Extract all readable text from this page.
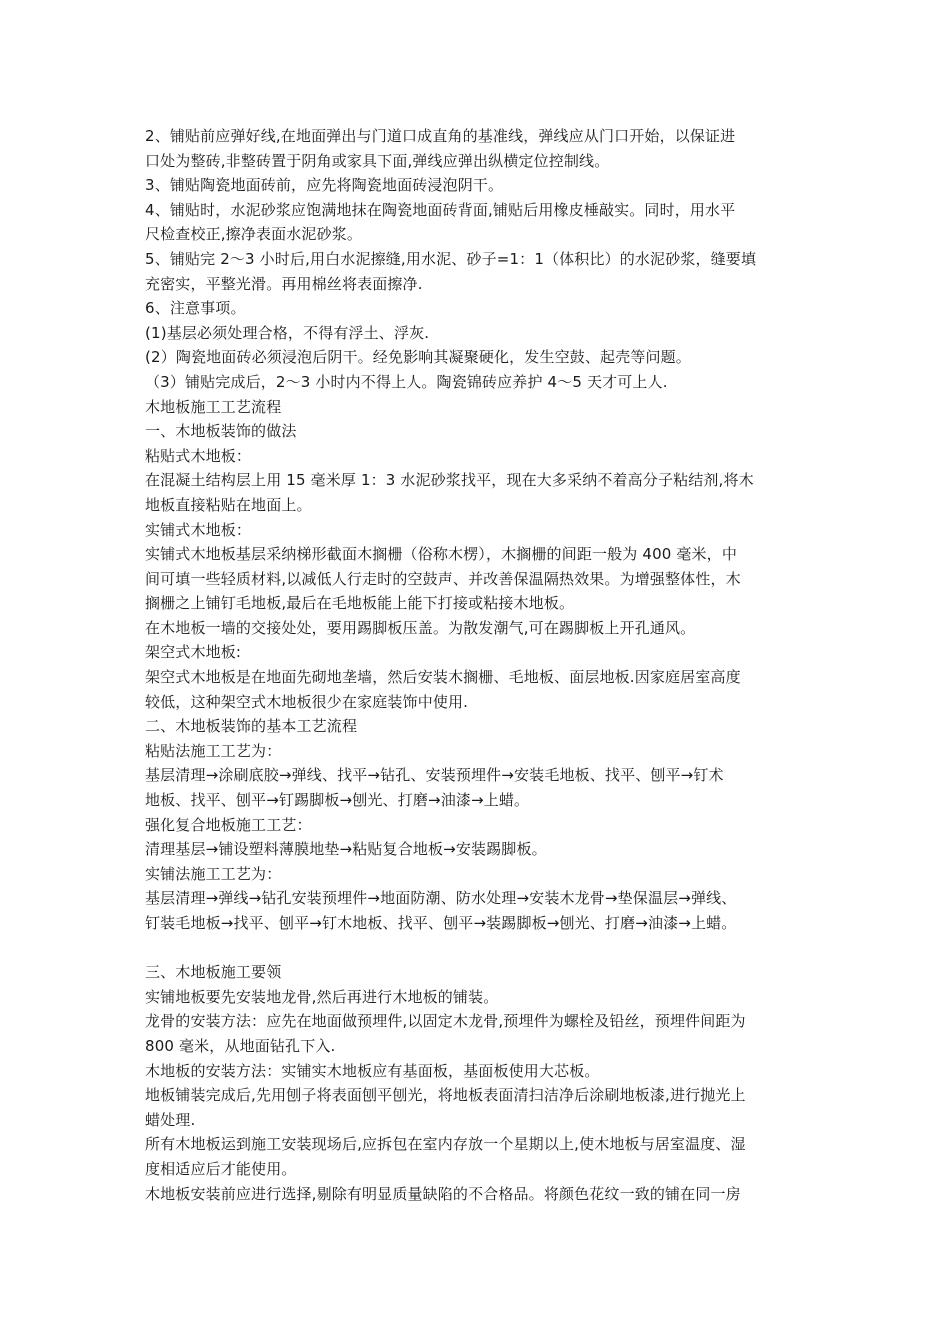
2、铺贴前应弹好线,在地面弹出与门道口成直角的基准线，弹线应从门口开始，以保证进
口处为整砖,非整砖置于阴角或家具下面,弹线应弹出纵横定位控制线。
3、铺贴陶瓷地面砖前，应先将陶瓷地面砖浸泡阴干。
4、铺贴时，水泥砂浆应饱满地抹在陶瓷地面砖背面,铺贴后用橡皮棰敲实。同时，用水平
尺检查校正,擦净表面水泥砂浆。
5、铺贴完 2～3 小时后,用白水泥擦缝,用水泥、砂子=1：1（体积比）的水泥砂浆，缝要填
充密实，平整光滑。再用棉丝将表面擦净.
6、注意事项。
(1)基层必须处理合格，不得有浮土、浮灰.
(2）陶瓷地面砖必须浸泡后阴干。经免影响其凝聚硬化，发生空鼓、起壳等问题。
（3）铺贴完成后，2～3 小时内不得上人。陶瓷锦砖应养护 4～5 天才可上人.
木地板施工工艺流程
一、木地板装饰的做法
粘贴式木地板：
在混凝土结构层上用 15 毫米厚 1：3 水泥砂浆找平，现在大多采纳不着高分子粘结剂,将木
地板直接粘贴在地面上。
实铺式木地板：
实铺式木地板基层采纳梯形截面木搁栅（俗称木楞），木搁栅的间距一般为 400 毫米，中
间可填一些轻质材料,以减低人行走时的空鼓声、并改善保温隔热效果。为增强整体性，木
搁栅之上铺钉毛地板,最后在毛地板能上能下打接或粘接木地板。
在木地板一墙的交接处处，要用踢脚板压盖。为散发潮气,可在踢脚板上开孔通风。
架空式木地板:
架空式木地板是在地面先砌地垄墙，然后安装木搁栅、毛地板、面层地板.因家庭居室高度
较低，这种架空式木地板很少在家庭装饰中使用.
二、木地板装饰的基本工艺流程
粘贴法施工工艺为：
基层清理→涂刷底胶→弹线、找平→钻孔、安装预埋件→安装毛地板、找平、刨平→钉术
地板、找平、刨平→钉踢脚板→刨光、打磨→油漆→上蜡。
强化复合地板施工工艺：
清理基层→铺设塑料薄膜地垫→粘贴复合地板→安装踢脚板。
实铺法施工工艺为：
基层清理→弹线→钻孔安装预埋件→地面防潮、防水处理→安装木龙骨→垫保温层→弹线、
钉装毛地板→找平、刨平→钉木地板、找平、刨平→装踢脚板→刨光、打磨→油漆→上蜡。
三、木地板施工要领
实铺地板要先安装地龙骨,然后再进行木地板的铺装。
龙骨的安装方法：应先在地面做预埋件,以固定木龙骨,预埋件为螺栓及铅丝，预埋件间距为
800 毫米，从地面钻孔下入.
木地板的安装方法：实铺实木地板应有基面板，基面板使用大芯板。
地板铺装完成后,先用刨子将表面刨平刨光，将地板表面清扫洁净后涂刷地板漆,进行抛光上
蜡处理.
所有木地板运到施工安装现场后,应拆包在室内存放一个星期以上,使木地板与居室温度、湿
度相适应后才能使用。
木地板安装前应进行选择,剔除有明显质量缺陷的不合格品。将颜色花纹一致的铺在同一房
